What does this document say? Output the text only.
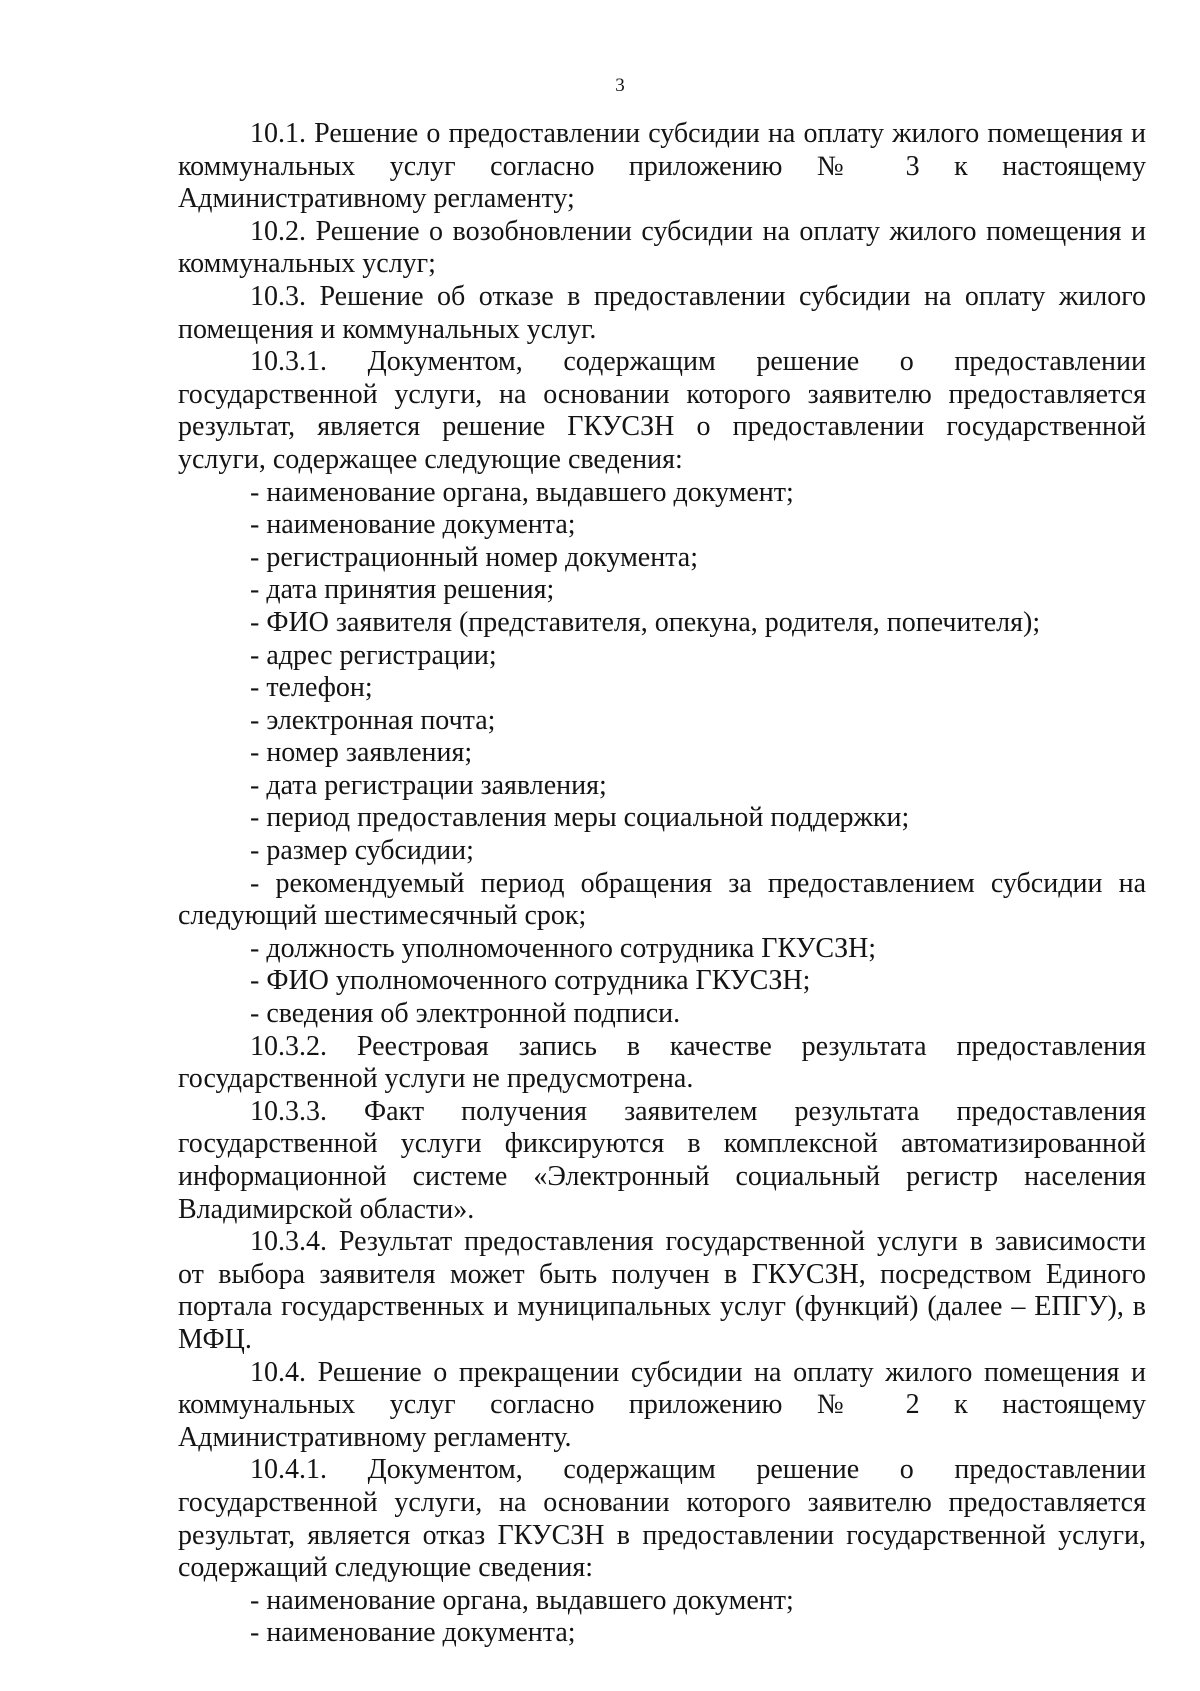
3

10.1. Решение о предоставлении субсидии на оплату жилого помещения и коммунальных услуг согласно приложению № 3 к настоящему Административному регламенту;

10.2. Решение о возобновлении субсидии на оплату жилого помещения и коммунальных услуг;

10.3. Решение об отказе в предоставлении субсидии на оплату жилого помещения и коммунальных услуг.

10.3.1. Документом, содержащим решение о предоставлении государственной услуги, на основании которого заявителю предоставляется результат, является решение ГКУСЗН о предоставлении государственной услуги, содержащее следующие сведения:

- наименование органа, выдавшего документ;

- наименование документа;

- регистрационный номер документа;

- дата принятия решения;

- ФИО заявителя (представителя, опекуна, родителя, попечителя);

- адрес регистрации;

- телефон;

- электронная почта;

- номер заявления;

- дата регистрации заявления;

- период предоставления меры социальной поддержки;

- размер субсидии;

- рекомендуемый период обращения за предоставлением субсидии на следующий шестимесячный срок;

- должность уполномоченного сотрудника ГКУСЗН;

- ФИО уполномоченного сотрудника ГКУСЗН;

- сведения об электронной подписи.

10.3.2. Реестровая запись в качестве результата предоставления государственной услуги не предусмотрена.

10.3.3. Факт получения заявителем результата предоставления государственной услуги фиксируются в комплексной автоматизированной информационной системе «Электронный социальный регистр населения Владимирской области».

10.3.4. Результат предоставления государственной услуги в зависимости от выбора заявителя может быть получен в ГКУСЗН, посредством Единого портала государственных и муниципальных услуг (функций) (далее – ЕПГУ), в МФЦ.

10.4. Решение о прекращении субсидии на оплату жилого помещения и коммунальных услуг согласно приложению № 2 к настоящему Административному регламенту.

10.4.1. Документом, содержащим решение о предоставлении государственной услуги, на основании которого заявителю предоставляется результат, является отказ ГКУСЗН в предоставлении государственной услуги, содержащий следующие сведения:

- наименование органа, выдавшего документ;

- наименование документа;
